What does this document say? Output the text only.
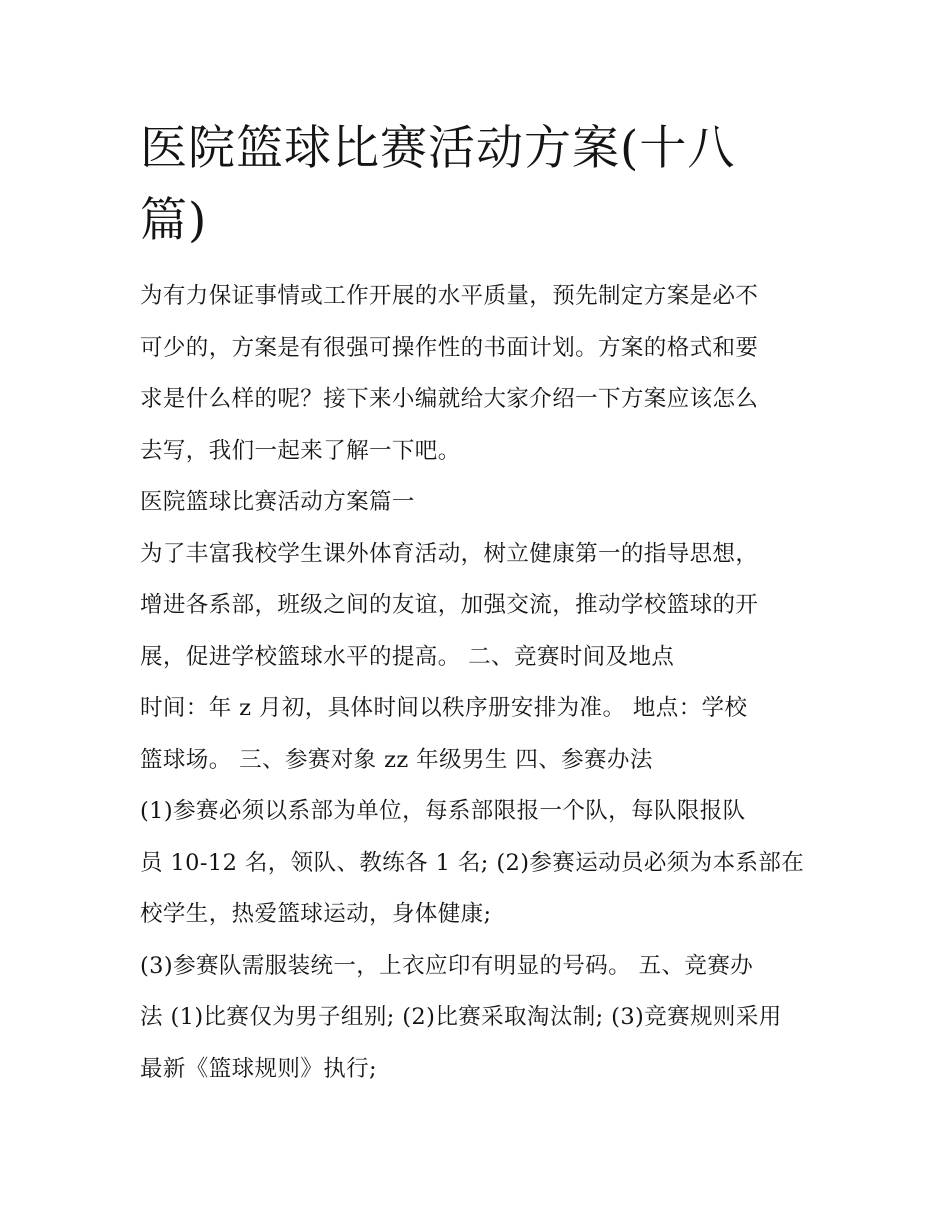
医院篮球比赛活动方案(十八
篇)
为有力保证事情或工作开展的水平质量，预先制定方案是必不
可少的，方案是有很强可操作性的书面计划。方案的格式和要
求是什么样的呢？接下来小编就给大家介绍一下方案应该怎么
去写，我们一起来了解一下吧。
医院篮球比赛活动方案篇一
为了丰富我校学生课外体育活动，树立健康第一的指导思想，
增进各系部，班级之间的友谊，加强交流，推动学校篮球的开
展，促进学校篮球水平的提高。 二、竞赛时间及地点
时间：年 z 月初，具体时间以秩序册安排为准。 地点：学校
篮球场。 三、参赛对象 zz 年级男生 四、参赛办法
(1)参赛必须以系部为单位，每系部限报一个队，每队限报队
员 10-12 名，领队、教练各 1 名; (2)参赛运动员必须为本系部在
校学生，热爱篮球运动，身体健康;
(3)参赛队需服装统一，上衣应印有明显的号码。 五、竞赛办
法 (1)比赛仅为男子组别; (2)比赛采取淘汰制; (3)竞赛规则采用
最新《篮球规则》执行;
